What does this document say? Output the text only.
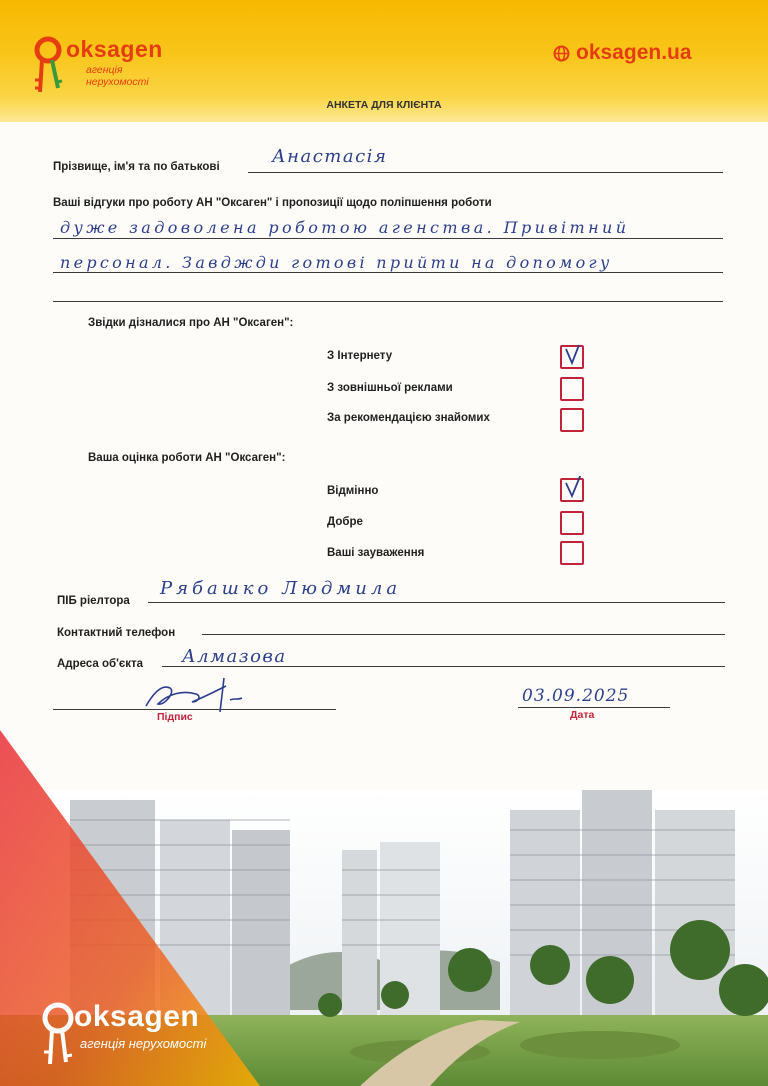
oksagen
агенція нерухомості
oksagen.ua
АНКЕТА ДЛЯ КЛІЄНТА
Прізвище, ім'я та по батькові	Анастасія
Ваші відгуки про роботу АН "Оксаген" і пропозиції щодо поліпшення роботи
дуже задоволена роботою агенства. Привітний
персонал. Завджди готові прийти на допомогу
Звідки дізналися про АН "Оксаген":
З Інтернету
З зовнішньої реклами
За рекомендацією знайомих
Ваша оцінка роботи АН "Оксаген":
Відмінно
Добре
Ваші зауваження
ПІБ ріелтора
Рябашко Людмила
Контактний телефон
Адреса об'єкта Алмазова
Підпис
03.09.2025
Дата
oksagen
агенція нерухомості
